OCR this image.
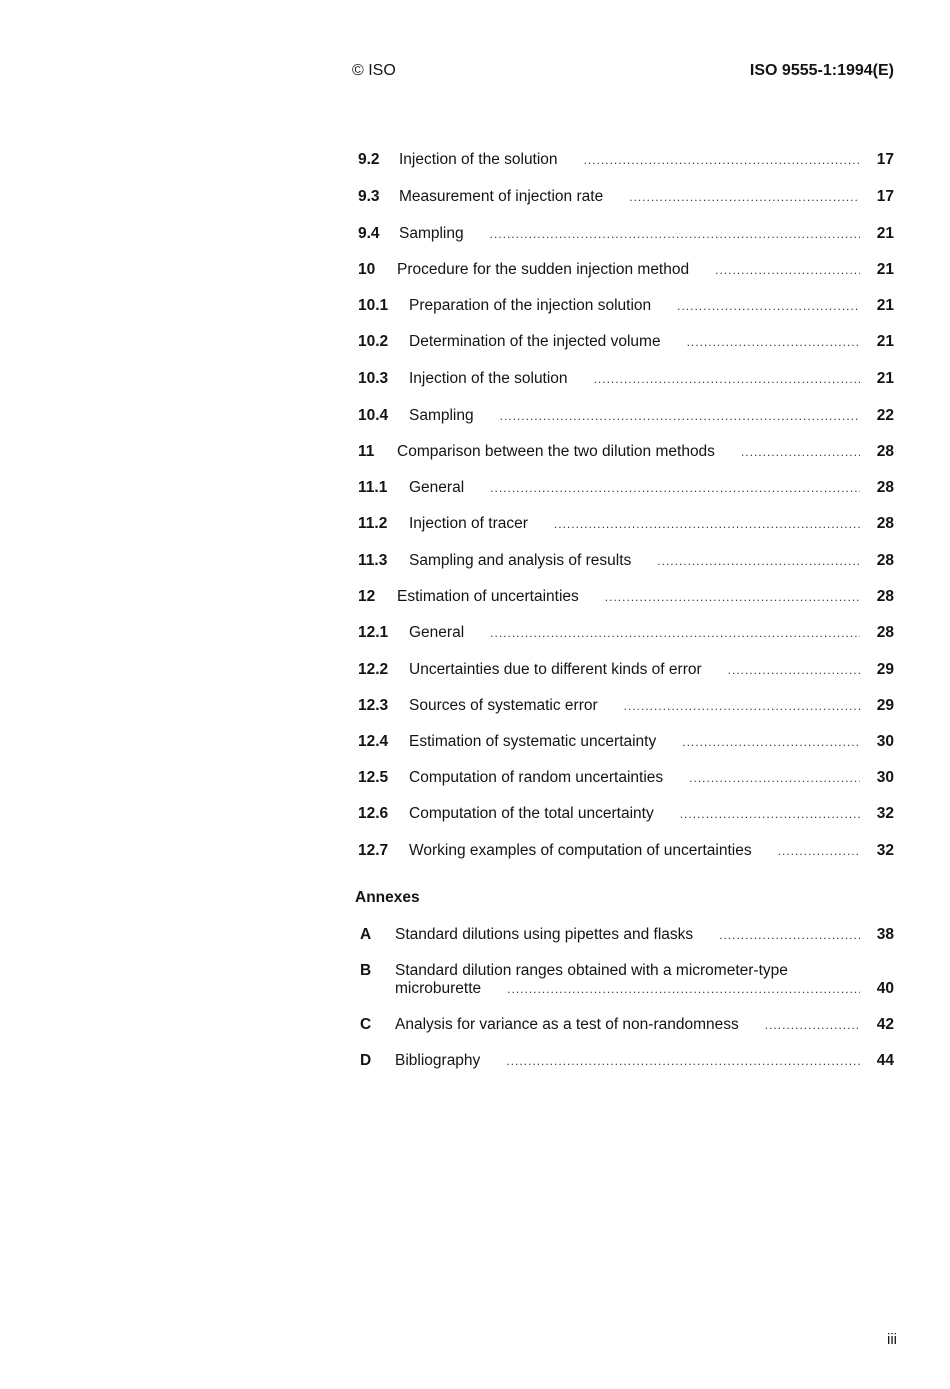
© ISO	ISO 9555-1:1994(E)
9.2	Injection of the solution .....	17
9.3	Measurement of injection rate .....	17
9.4	Sampling .....	21
10	Procedure for the sudden injection method .....	21
10.1	Preparation of the injection solution .....	21
10.2	Determination of the injected volume .....	21
10.3	Injection of the solution .....	21
10.4	Sampling .....	22
11	Comparison between the two dilution methods .....	28
11.1	General .....	28
11.2	Injection of tracer .....	28
11.3	Sampling and analysis of results .....	28
12	Estimation of uncertainties .....	28
12.1	General .....	28
12.2	Uncertainties due to different kinds of error .....	29
12.3	Sources of systematic error .....	29
12.4	Estimation of systematic uncertainty .....	30
12.5	Computation of random uncertainties .....	30
12.6	Computation of the total uncertainty .....	32
12.7	Working examples of computation of uncertainties .....	32
Annexes
A	Standard dilutions using pipettes and flasks .....	38
B	Standard dilution ranges obtained with a micrometer-type
microburette .....	40
C	Analysis for variance as a test of non-randomness .....	42
D	Bibliography .....	44
iii
